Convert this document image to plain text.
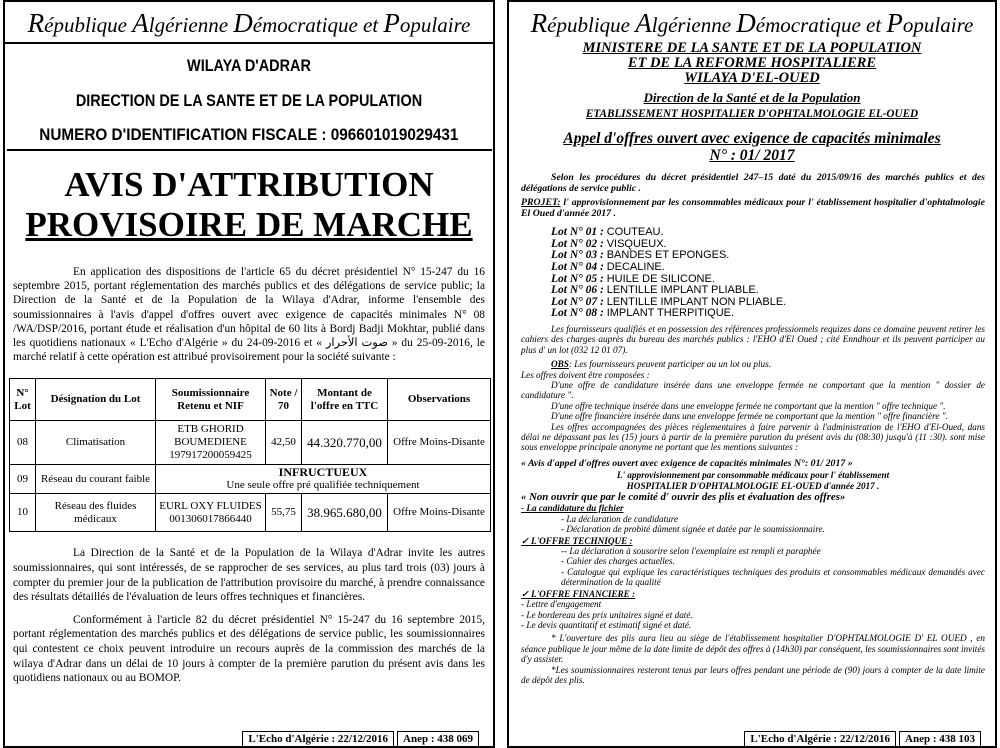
République Algérienne Démocratique et Populaire
WILAYA D'ADRAR
DIRECTION DE LA SANTE ET DE LA POPULATION
NUMERO D'IDENTIFICATION FISCALE : 096601019029431
AVIS D'ATTRIBUTION
PROVISOIRE DE MARCHE

En application des dispositions de l'article 65 du décret présidentiel N° 15-247 du 16 septembre 2015, portant réglementation des marchés publics et des délégations de service public; la Direction de la Santé et de la Population de la Wilaya d'Adrar, informe l'ensemble des soumissionnaires à l'avis d'appel d'offres ouvert avec exigence de capacités minimales N° 08 /WA/DSP/2016, portant étude et réalisation d'un hôpital de 60 lits à Bordj Badji Mokhtar, publié dans les quotidiens nationaux « L'Echo d'Algérie » du 24-09-2016 et « صوت الأحرار » du 25-09-2016, le marché relatif à cette opération est attribué provisoirement pour la société suivante :

N° Lot	Désignation du Lot	Soumissionnaire Retenu et NIF	Note / 70	Montant de l'offre en TTC	Observations
08	Climatisation	ETB GHORID BOUMEDIENE 197917200059425	42,50	44.320.770,00	Offre Moins-Disante
09	Réseau du courant faible	INFRUCTUEUX
Une seule offre pré qualifiée techniquement			

10	Réseau des fluides médicaux	EURL OXY FLUIDES 001306017866440	55,75	38.965.680,00	Offre Moins-Disante

La Direction de la Santé et de la Population de la Wilaya d'Adrar invite les autres soumissionnaires, qui sont intéressés, de se rapprocher de ses services, au plus tard trois (03) jours à compter du premier jour de la publication de l'attribution provisoire du marché, à prendre connaissance des résultats détaillés de l'évaluation de leurs offres techniques et financières.

Conformément à l'article 82 du décret présidentiel N° 15-247 du 16 septembre 2015, portant réglementation des marchés publics et des délégations de service public, les soumissionnaires qui contestent ce choix peuvent introduire un recours auprès de la commission des marchés de la wilaya d'Adrar dans un délai de 10 jours à compter de la première parution du présent avis dans les quotidiens nationaux ou au BOMOP.

L'Echo d'Algérie : 22/12/2016	Anep : 438 069
République Algérienne Démocratique et Populaire
MINISTERE DE LA SANTE ET DE LA POPULATION
ET DE LA REFORME HOSPITALIERE
WILAYA D'EL-OUED
Direction de la Santé et de la Population
ETABLISSEMENT HOSPITALIER D'OPHTALMOLOGIE EL-OUED
Appel d'offres ouvert avec exigence de capacités minimales
N° : 01/ 2017

Selon les procédures du décret présidentiel 247–15 daté du 2015/09/16 des marchés publics et des délégations de service public .

PROJET: l' approvisionnement par les consommables médicaux pour l' établissement hospitalier d'ophtalmologie El Oued d'année 2017 .

Lot N° 01 : COUTEAU.
Lot N° 02 : VISQUEUX.
Lot N° 03 : BANDES ET EPONGES.
Lot N° 04 : DECALINE.
Lot N° 05 : HUILE DE SILICONE.
Lot N° 06 : LENTILLE IMPLANT PLIABLE.
Lot N° 07 : LENTILLE IMPLANT NON PLIABLE.
Lot N° 08 : IMPLANT THERPITIQUE.

Les fournisseurs qualifiés et en possession des références professionnels requizes dans ce domaine peuvent retirer les cahiers des charges auprès du bureau des marchés publics : l'EHO d'El Oued ; cité Enndhour et ils peuvent participer au plus d' un lot (032 12 01 07).

OBS: Les fournisseurs peuvent participer au un lot ou plus.

Les offres doivent être composées :

D'une offre de candidature insérée dans une enveloppe fermée ne comportant que la mention " dossier de candidature ".

D'une offre technique insérée dans une enveloppe fermée ne comportant que la mention " offre technique ".

D'une offre financière insérée dans une enveloppe fermée ne comportant que la mention " offre financière ".

Les offres accompagnées des pièces réglementaires à faire parvenir à l'administration de l'EHO d'El-Oued, dans délai ne dépassant pas les (15) jours à partir de la première parution du présent avis du (08:30) jusqu'à (11 :30). sont mise sous enveloppe principale anonyme ne portant que les mentions suivantes :

« Avis d'appel d'offres ouvert avec exigence de capacités minimales N°: 01/ 2017 »

L' approvisionnement par consommable médicaux pour l' établissement

HOSPITALIER D'OPHTALMOLOGIE EL-OUED d'année 2017 .

« Non ouvrir que par le comité d' ouvrir des plis et évaluation des offres»

- La candidature du fichier

- La déclaration de candidature

- Déclaration de probité dûment signée et datée par le soumissionnaire.

✓ L'OFFRE TECHNIQUE :

-- La déclaration à sousorire selon l'exemplaire est rempli et paraphée

- Cahier des charges actuelles.

- Catalogue qui explique les caractéristiques techniques des produits et consommables médicaux demandés avec détermination de la qualité

✓ L'OFFRE FINANCIERE :

- Lettre d'engagement

- Le bordereau des prix unitaires signé et daté.

- Le devis quantitatif et estimatif signé et daté.

* L'ouverture des plis aura lieu au siège de l'établissement hospitalier D'OPHTALMOLOGIE D' EL OUED , en séance publique le jour même de la date limite de dépôt des offres à (14h30) par conséquent, les soumissionnaires sont invités d'y assister.

*Les soumissionnaires resteront tenus par leurs offres pendant une période de (90) jours à compter de la date limite de dépôt des plis.

L'Echo d'Algérie : 22/12/2016	Anep : 438 103
